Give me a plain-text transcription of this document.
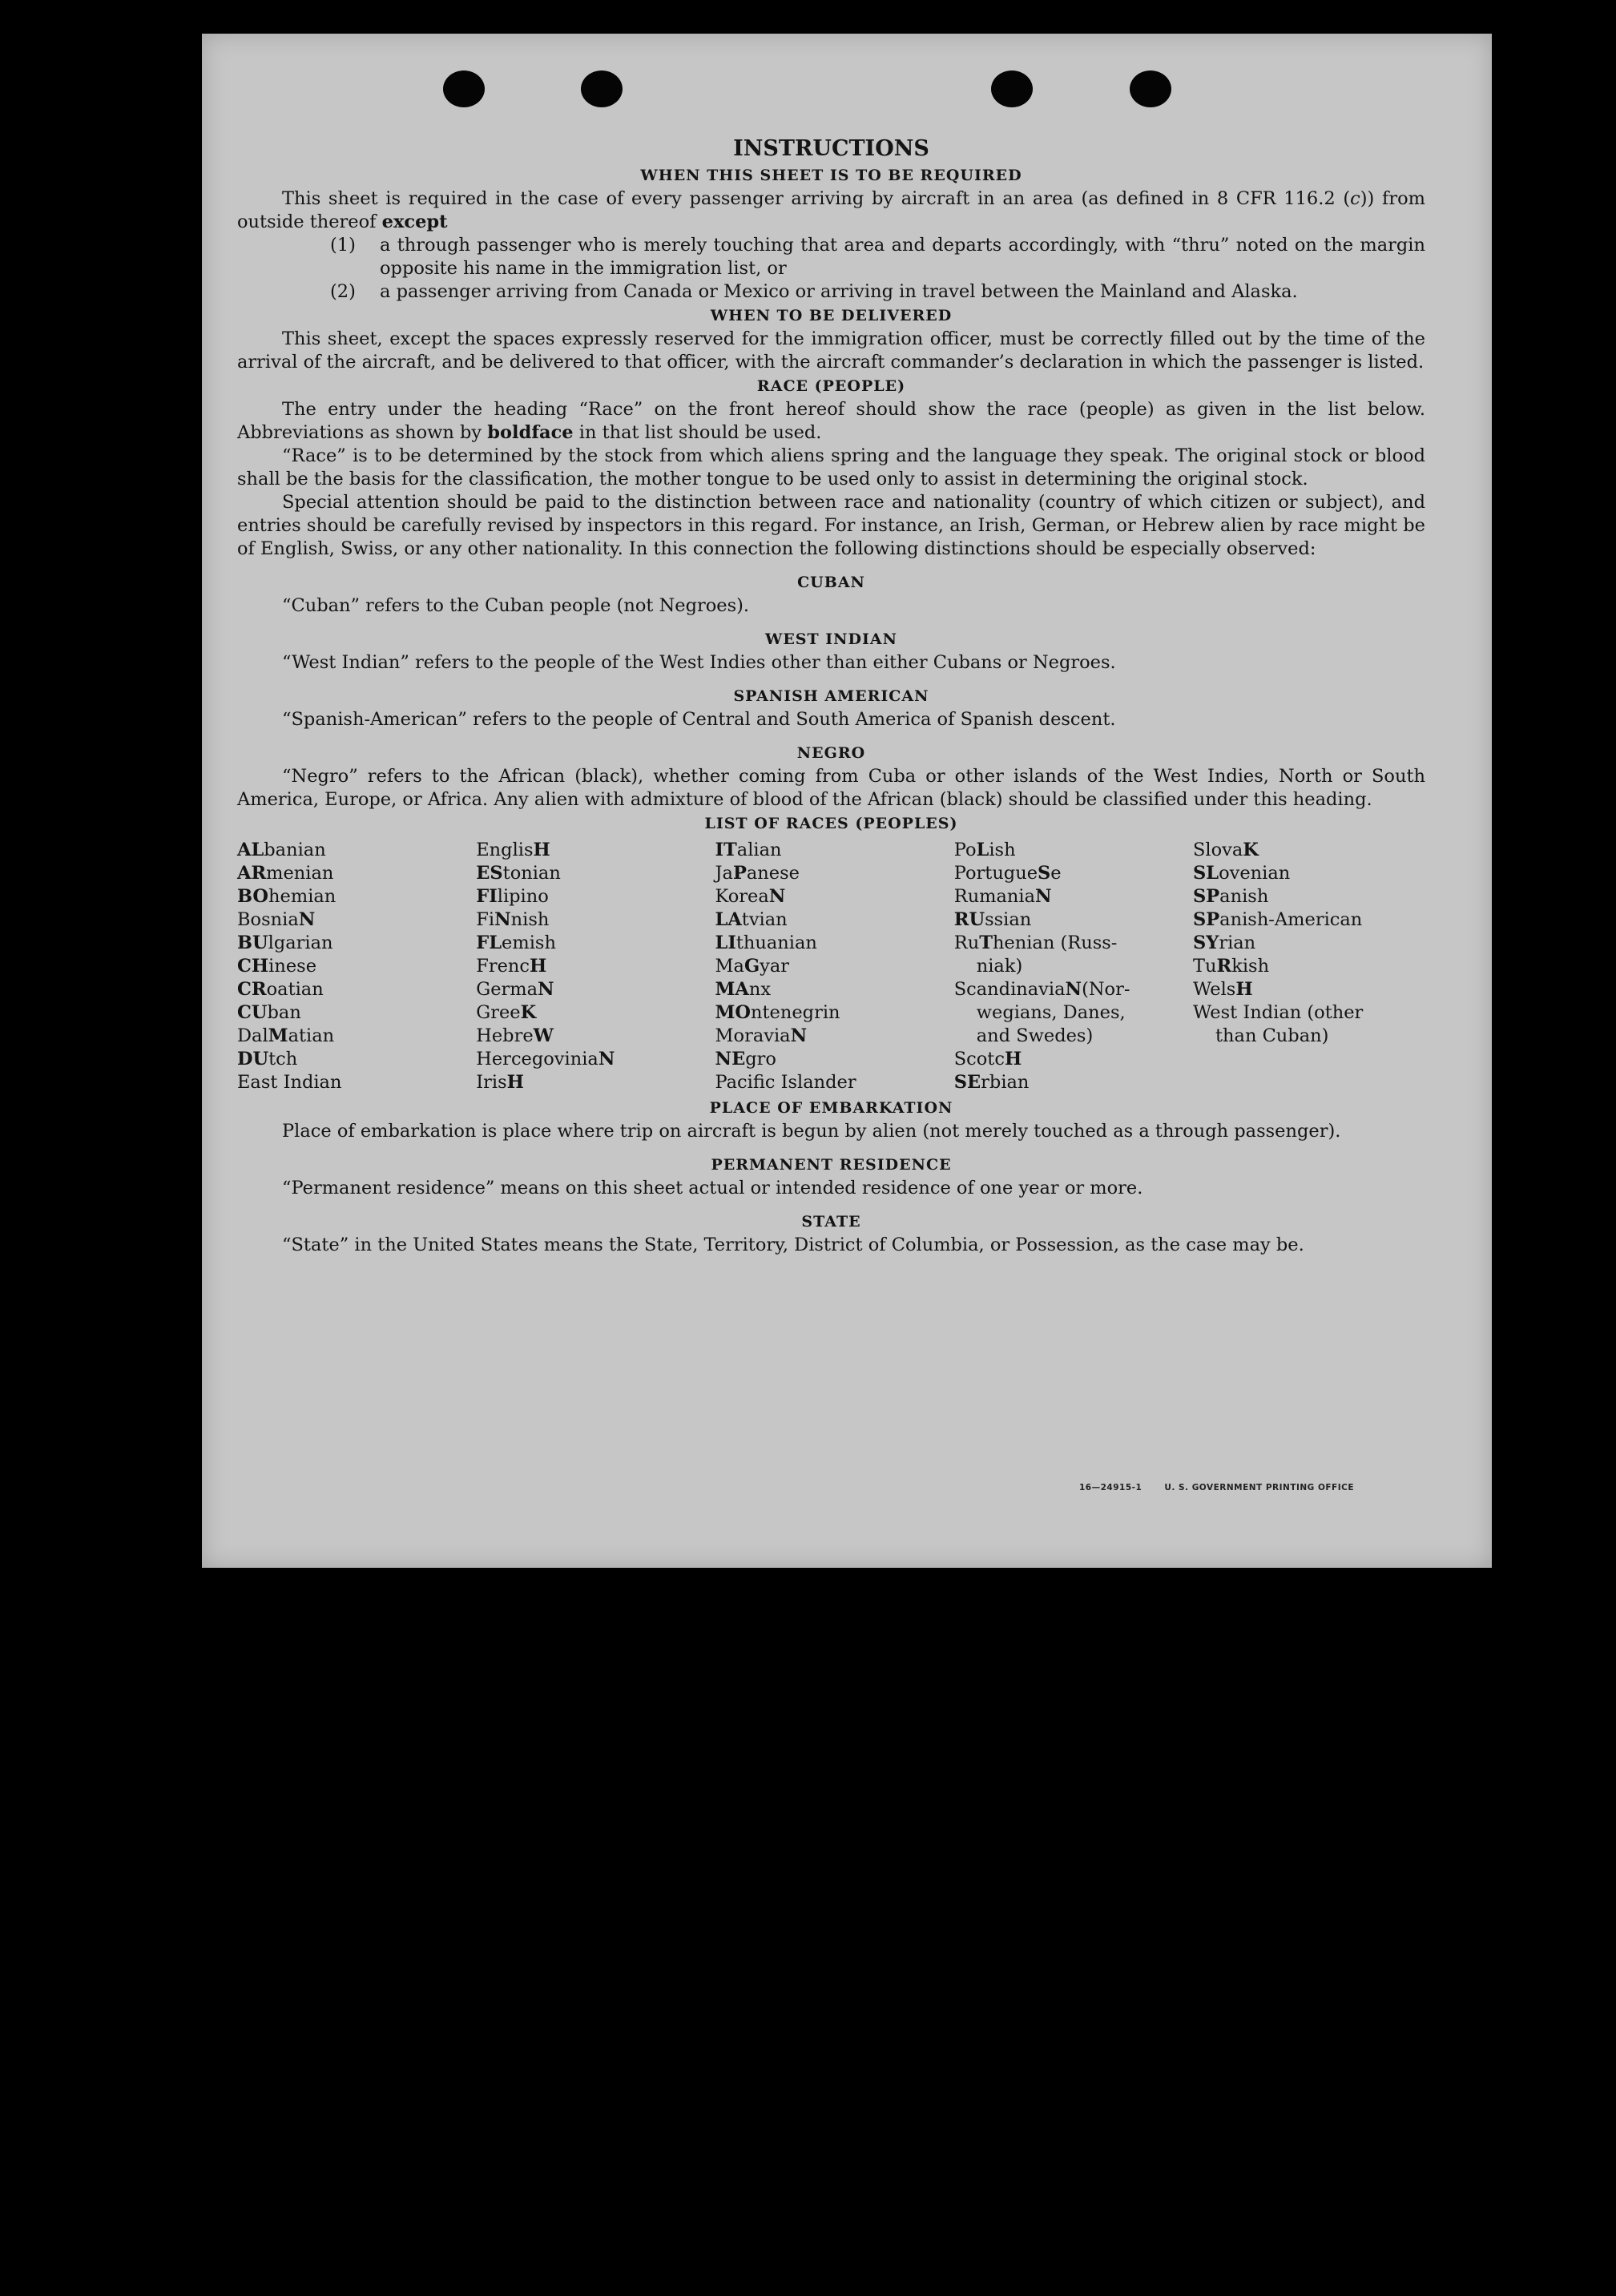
INSTRUCTIONS
WHEN THIS SHEET IS TO BE REQUIRED

This sheet is required in the case of every passenger arriving by aircraft in an area (as defined in 8 CFR 116.2 (c)) from outside thereof except

(1) a through passenger who is merely touching that area and departs accordingly, with “thru” noted on the margin opposite his name in the immigration list, or

(2) a passenger arriving from Canada or Mexico or arriving in travel between the Mainland and Alaska.

WHEN TO BE DELIVERED

This sheet, except the spaces expressly reserved for the immigration officer, must be correctly filled out by the time of the arrival of the aircraft, and be delivered to that officer, with the aircraft commander’s declaration in which the passenger is listed.

RACE (PEOPLE)

The entry under the heading “Race” on the front hereof should show the race (people) as given in the list below. Abbreviations as shown by boldface in that list should be used.

“Race” is to be determined by the stock from which aliens spring and the language they speak. The original stock or blood shall be the basis for the classification, the mother tongue to be used only to assist in determining the original stock.

Special attention should be paid to the distinction between race and nationality (country of which citizen or subject), and entries should be carefully revised by inspectors in this regard. For instance, an Irish, German, or Hebrew alien by race might be of English, Swiss, or any other nationality. In this connection the following distinctions should be especially observed:

CUBAN

“Cuban” refers to the Cuban people (not Negroes).

WEST INDIAN

“West Indian” refers to the people of the West Indies other than either Cubans or Negroes.

SPANISH AMERICAN

“Spanish-American” refers to the people of Central and South America of Spanish descent.

NEGRO

“Negro” refers to the African (black), whether coming from Cuba or other islands of the West Indies, North or South America, Europe, or Africa. Any alien with admixture of blood of the African (black) should be classified under this heading.

LIST OF RACES (PEOPLES)
ALbanian
ARmenian
BOhemian
BosniaN
BUlgarian
CHinese
CRoatian
CUban
DalMatian
DUtch
East Indian
EnglisH
EStonian
FIlipino
FiNnish
FLemish
FrencH
GermaN
GreeK
HebreW
HercegoviniaN
IrisH
ITalian
JaPanese
KoreaN
LAtvian
LIthuanian
MaGyar
MAnx
MOntenegrin
MoraviaN
NEgro
Pacific Islander
PoLish
PortugueSe
RumaniaN
RUssian
RuThenian (Russ-
niak)
ScandinaviaN(Nor-
wegians, Danes,
and Swedes)
ScotcH
SErbian
SlovaK
SLovenian
SPanish
SPanish-American
SYrian
TuRkish
WelsH
West Indian (other
than Cuban)
PLACE OF EMBARKATION

Place of embarkation is place where trip on aircraft is begun by alien (not merely touched as a through passenger).

PERMANENT RESIDENCE

“Permanent residence” means on this sheet actual or intended residence of one year or more.

STATE

“State” in the United States means the State, Territory, District of Columbia, or Possession, as the case may be.

16—24915-1	U. S. GOVERNMENT PRINTING OFFICE
